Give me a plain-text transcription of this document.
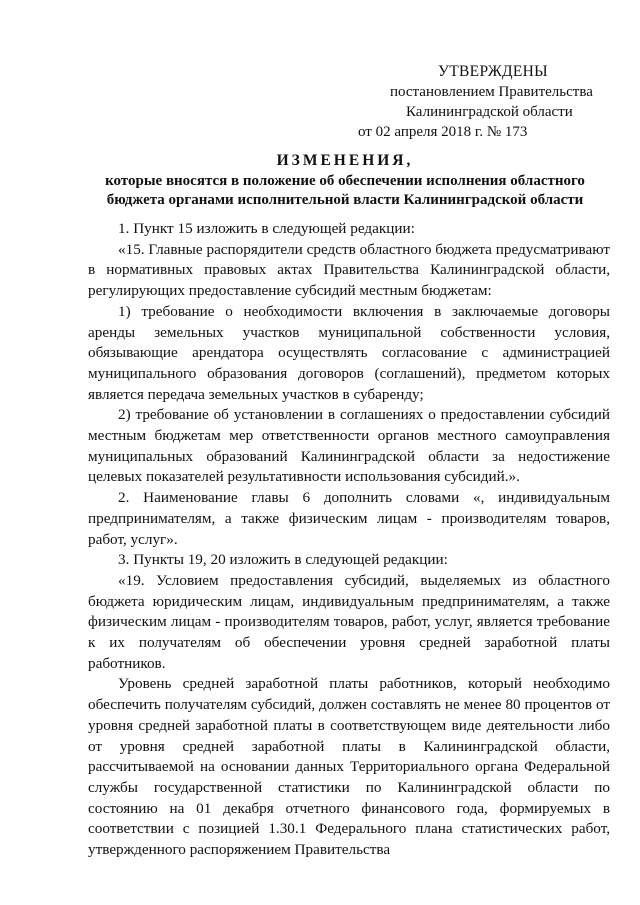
УТВЕРЖДЕНЫ
постановлением Правительства
Калининградской области
от 02 апреля 2018 г. № 173
ИЗМЕНЕНИЯ,
которые вносятся в положение об обеспечении исполнения областного
бюджета органами исполнительной власти Калининградской области

1. Пункт 15 изложить в следующей редакции:

«15. Главные распорядители средств областного бюджета предусматривают в нормативных правовых актах Правительства Калининградской области, регулирующих предоставление субсидий местным бюджетам:

1) требование о необходимости включения в заключаемые договоры аренды земельных участков муниципальной собственности условия, обязывающие арендатора осуществлять согласование с администрацией муниципального образования договоров (соглашений), предметом которых является передача земельных участков в субаренду;

2) требование об установлении в соглашениях о предоставлении субсидий местным бюджетам мер ответственности органов местного самоуправления муниципальных образований Калининградской области за недостижение целевых показателей результативности использования субсидий.».

2. Наименование главы 6 дополнить словами «, индивидуальным предпринимателям, а также физическим лицам - производителям товаров, работ, услуг».

3. Пункты 19, 20 изложить в следующей редакции:

«19. Условием предоставления субсидий, выделяемых из областного бюджета юридическим лицам, индивидуальным предпринимателям, а также физическим лицам - производителям товаров, работ, услуг, является требование к их получателям об обеспечении уровня средней заработной платы работников.

Уровень средней заработной платы работников, который необходимо обеспечить получателям субсидий, должен составлять не менее 80 процентов от уровня средней заработной платы в соответствующем виде деятельности либо от уровня средней заработной платы в Калининградской области, рассчитываемой на основании данных Территориального органа Федеральной службы государственной статистики по Калининградской области по состоянию на 01 декабря отчетного финансового года, формируемых в соответствии с позицией 1.30.1 Федерального плана статистических работ, утвержденного распоряжением Правительства
